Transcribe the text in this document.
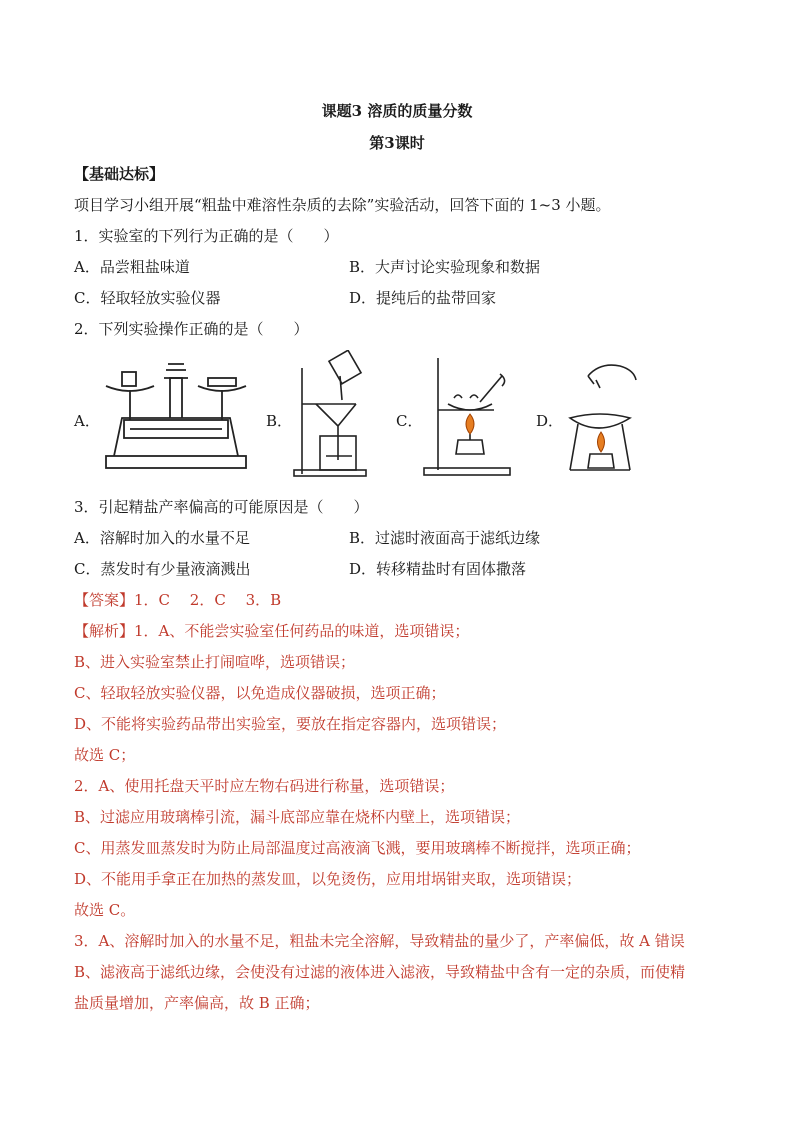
课题3 溶质的质量分数
第3课时
【基础达标】
项目学习小组开展“粗盐中难溶性杂质的去除”实验活动，回答下面的 1~3 小题。
1．实验室的下列行为正确的是（　　）
A．品尝粗盐味道	B．大声讨论实验现象和数据
C．轻取轻放实验仪器	D．提纯后的盐带回家
2．下列实验操作正确的是（　　）
A．	B．	C．	D．
3．引起精盐产率偏高的可能原因是（　　）
A．溶解时加入的水量不足	B．过滤时液面高于滤纸边缘
C．蒸发时有少量液滴溅出	D．转移精盐时有固体撒落
【答案】1．C　 2．C　 3．B
【解析】1．A、不能尝实验室任何药品的味道，选项错误；
B、进入实验室禁止打闹喧哗，选项错误；
C、轻取轻放实验仪器，以免造成仪器破损，选项正确；
D、不能将实验药品带出实验室，要放在指定容器内，选项错误；
故选 C；
2．A、使用托盘天平时应左物右码进行称量，选项错误；
B、过滤应用玻璃棒引流，漏斗底部应靠在烧杯内壁上，选项错误；
C、用蒸发皿蒸发时为防止局部温度过高液滴飞溅，要用玻璃棒不断搅拌，选项正确；
D、不能用手拿正在加热的蒸发皿，以免烫伤，应用坩埚钳夹取，选项错误；
故选 C。
3．A、溶解时加入的水量不足，粗盐未完全溶解，导致精盐的量少了，产率偏低，故 A 错误
B、滤液高于滤纸边缘，会使没有过滤的液体进入滤液，导致精盐中含有一定的杂质，而使精
盐质量增加，产率偏高，故 B 正确；
